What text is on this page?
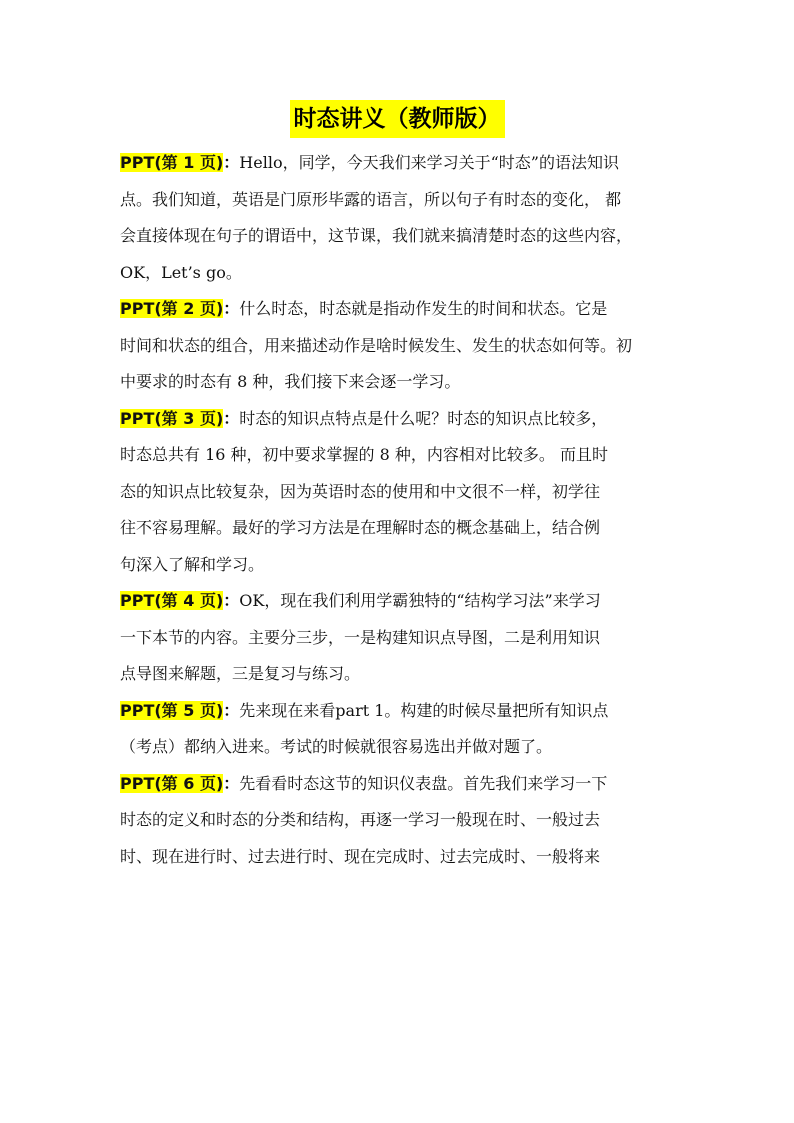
时态讲义（教师版）
PPT(第 1 页)：Hello，同学，今天我们来学习关于“时态”的语法知识
点。我们知道，英语是门原形毕露的语言，所以句子有时态的变化， 都
会直接体现在句子的谓语中，这节课，我们就来搞清楚时态的这些内容，
OK，Let’s go。
PPT(第 2 页)：什么时态，时态就是指动作发生的时间和状态。它是
时间和状态的组合，用来描述动作是啥时候发生、发生的状态如何等。初
中要求的时态有 8 种，我们接下来会逐一学习。
PPT(第 3 页)：时态的知识点特点是什么呢？时态的知识点比较多，
时态总共有 16 种，初中要求掌握的 8 种，内容相对比较多。 而且时
态的知识点比较复杂，因为英语时态的使用和中文很不一样，初学往
往不容易理解。最好的学习方法是在理解时态的概念基础上，结合例
句深入了解和学习。
PPT(第 4 页)：OK，现在我们利用学霸独特的“结构学习法”来学习
一下本节的内容。主要分三步，一是构建知识点导图，二是利用知识
点导图来解题，三是复习与练习。
PPT(第 5 页)：先来现在来看part 1。构建的时候尽量把所有知识点
（考点）都纳入进来。考试的时候就很容易选出并做对题了。
PPT(第 6 页)：先看看时态这节的知识仪表盘。首先我们来学习一下
时态的定义和时态的分类和结构，再逐一学习一般现在时、一般过去
时、现在进行时、过去进行时、现在完成时、过去完成时、一般将来
